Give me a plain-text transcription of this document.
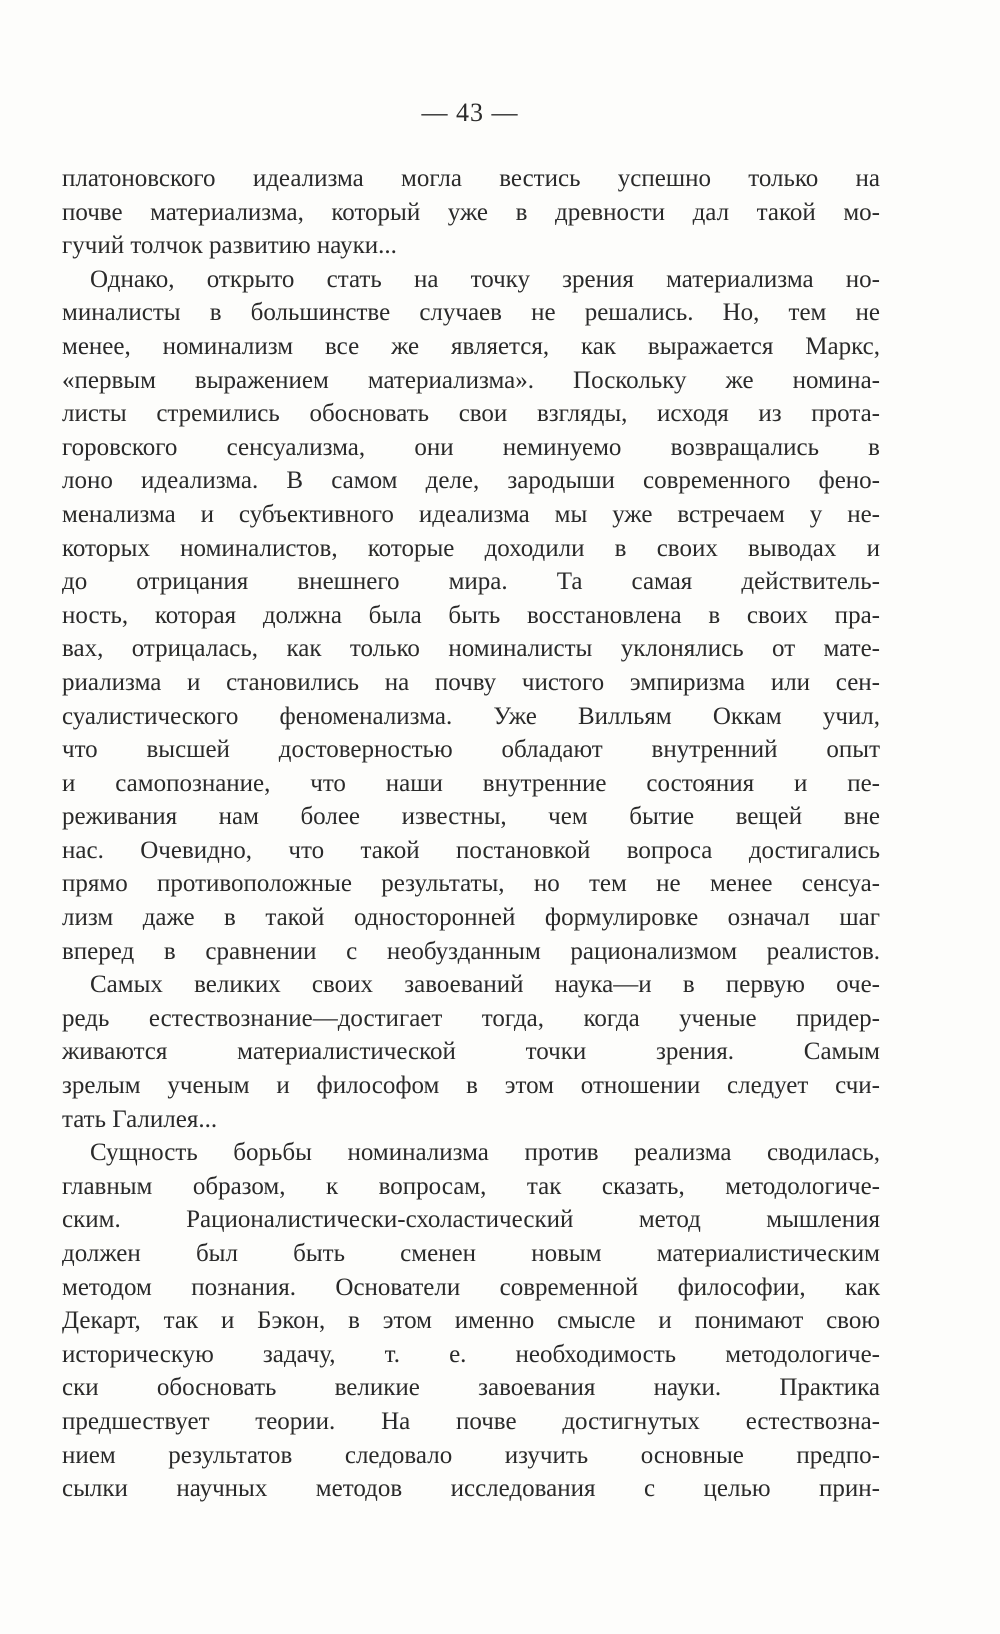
— 43 —
платоновского идеализма могла вестись успешно только на
почве материализма, который уже в древности дал такой мо-
гучий толчок развитию науки...
Однако, открыто стать на точку зрения материализма но-
миналисты в большинстве случаев не решались. Но, тем не
менее, номинализм все же является, как выражается Маркс,
«первым выражением материализма». Поскольку же номина-
листы стремились обосновать свои взгляды, исходя из прота-
горовского сенсуализма, они неминуемо возвращались в
лоно идеализма. В самом деле, зародыши современного фено-
менализма и субъективного идеализма мы уже встречаем у не-
которых номиналистов, которые доходили в своих выводах и
до отрицания внешнего мира. Та самая действитель-
ность, которая должна была быть восстановлена в своих пра-
вах, отрицалась, как только номиналисты уклонялись от мате-
риализма и становились на почву чистого эмпиризма или сен-
суалистического феноменализма. Уже Вилльям Оккам учил,
что высшей достоверностью обладают внутренний опыт
и самопознание, что наши внутренние состояния и пе-
реживания нам более известны, чем бытие вещей вне
нас. Очевидно, что такой постановкой вопроса достигались
прямо противоположные результаты, но тем не менее сенсуа-
лизм даже в такой односторонней формулировке означал шаг
вперед в сравнении с необузданным рационализмом реалистов.
Самых великих своих завоеваний наука—и в первую оче-
редь естествознание—достигает тогда, когда ученые придер-
живаются материалистической точки зрения. Самым
зрелым ученым и философом в этом отношении следует счи-
тать Галилея...
Сущность борьбы номинализма против реализма сводилась,
главным образом, к вопросам, так сказать, методологиче-
ским. Рационалистически-схоластический метод мышления
должен был быть сменен новым материалистическим
методом познания. Основатели современной философии, как
Декарт, так и Бэкон, в этом именно смысле и понимают свою
историческую задачу, т. е. необходимость методологиче-
ски обосновать великие завоевания науки. Практика
предшествует теории. На почве достигнутых естествозна-
нием результатов следовало изучить основные предпо-
сылки научных методов исследования с целью прин-
